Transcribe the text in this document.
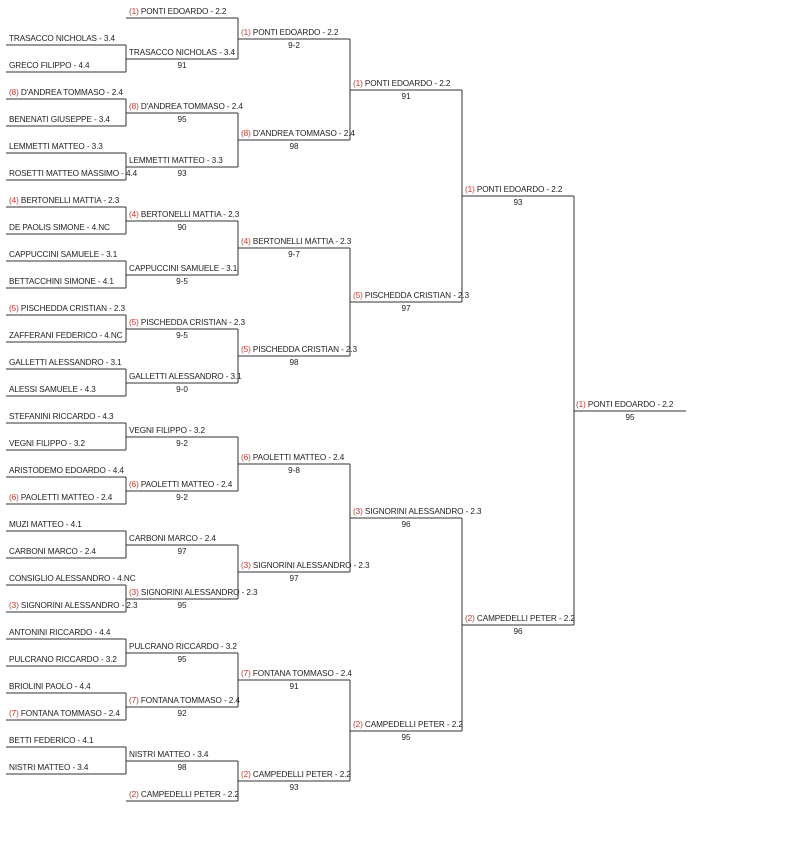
TRASACCO NICHOLAS - 3.4
GRECO FILIPPO - 4.4
(8) D'ANDREA TOMMASO - 2.4
BENENATI GIUSEPPE - 3.4
LEMMETTI MATTEO - 3.3
ROSETTI MATTEO MASSIMO - 4.4
(4) BERTONELLI MATTIA - 2.3
DE PAOLIS SIMONE - 4.NC
CAPPUCCINI SAMUELE - 3.1
BETTACCHINI SIMONE - 4.1
(5) PISCHEDDA CRISTIAN - 2.3
ZAFFERANI FEDERICO - 4.NC
GALLETTI ALESSANDRO - 3.1
ALESSI SAMUELE - 4.3
STEFANINI RICCARDO - 4.3
VEGNI FILIPPO - 3.2
ARISTODEMO EDOARDO - 4.4
(6) PAOLETTI MATTEO - 2.4
MUZI MATTEO - 4.1
CARBONI MARCO - 2.4
CONSIGLIO ALESSANDRO - 4.NC
(3) SIGNORINI ALESSANDRO - 2.3
ANTONINI RICCARDO - 4.4
PULCRANO RICCARDO - 3.2
BRIOLINI PAOLO - 4.4
(7) FONTANA TOMMASO - 2.4
BETTI FEDERICO - 4.1
NISTRI MATTEO - 3.4
(1) PONTI EDOARDO - 2.2
TRASACCO NICHOLAS - 3.4
91
(8) D'ANDREA TOMMASO - 2.4
95
LEMMETTI MATTEO - 3.3
93
(4) BERTONELLI MATTIA - 2.3
90
CAPPUCCINI SAMUELE - 3.1
9-5
(5) PISCHEDDA CRISTIAN - 2.3
9-5
GALLETTI ALESSANDRO - 3.1
9-0
VEGNI FILIPPO - 3.2
9-2
(6) PAOLETTI MATTEO - 2.4
9-2
CARBONI MARCO - 2.4
97
(3) SIGNORINI ALESSANDRO - 2.3
95
PULCRANO RICCARDO - 3.2
95
(7) FONTANA TOMMASO - 2.4
92
NISTRI MATTEO - 3.4
98
(2) CAMPEDELLI PETER - 2.2
(1) PONTI EDOARDO - 2.2
9-2
(8) D'ANDREA TOMMASO - 2.4
98
(4) BERTONELLI MATTIA - 2.3
9-7
(5) PISCHEDDA CRISTIAN - 2.3
98
(6) PAOLETTI MATTEO - 2.4
9-8
(3) SIGNORINI ALESSANDRO - 2.3
97
(7) FONTANA TOMMASO - 2.4
91
(2) CAMPEDELLI PETER - 2.2
93
(1) PONTI EDOARDO - 2.2
91
(5) PISCHEDDA CRISTIAN - 2.3
97
(3) SIGNORINI ALESSANDRO - 2.3
96
(2) CAMPEDELLI PETER - 2.2
95
(1) PONTI EDOARDO - 2.2
93
(2) CAMPEDELLI PETER - 2.2
96
(1) PONTI EDOARDO - 2.2
95
